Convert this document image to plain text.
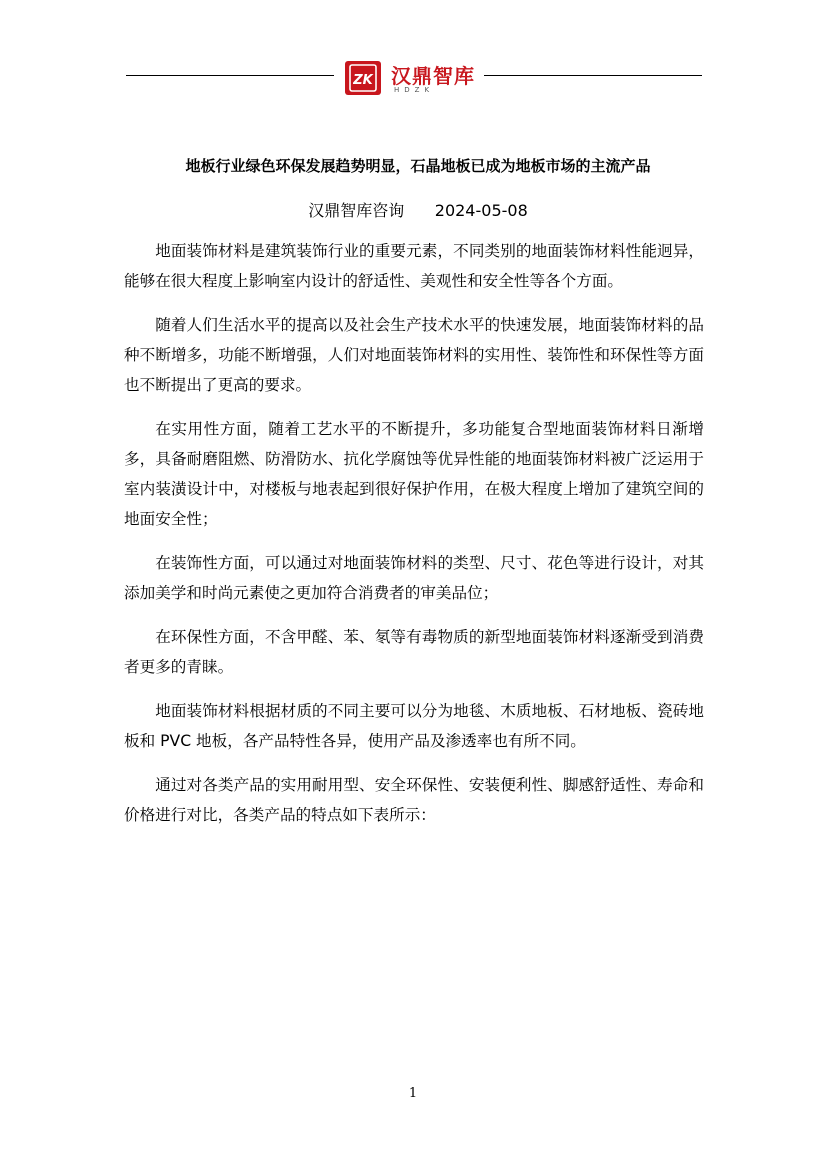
ZK 汉鼎智库
HDZK
地板行业绿色环保发展趋势明显，石晶地板已成为地板市场的主流产品
汉鼎智库咨询 2024-05-08

地面装饰材料是建筑装饰行业的重要元素，不同类别的地面装饰材料性能迥异，能够在很大程度上影响室内设计的舒适性、美观性和安全性等各个方面。

随着人们生活水平的提高以及社会生产技术水平的快速发展，地面装饰材料的品种不断增多，功能不断增强，人们对地面装饰材料的实用性、装饰性和环保性等方面也不断提出了更高的要求。

在实用性方面，随着工艺水平的不断提升，多功能复合型地面装饰材料日渐增多，具备耐磨阻燃、防滑防水、抗化学腐蚀等优异性能的地面装饰材料被广泛运用于室内装潢设计中，对楼板与地表起到很好保护作用，在极大程度上增加了建筑空间的地面安全性；

在装饰性方面，可以通过对地面装饰材料的类型、尺寸、花色等进行设计，对其添加美学和时尚元素使之更加符合消费者的审美品位；

在环保性方面，不含甲醛、苯、氡等有毒物质的新型地面装饰材料逐渐受到消费者更多的青睐。

地面装饰材料根据材质的不同主要可以分为地毯、木质地板、石材地板、瓷砖地板和 PVC 地板，各产品特性各异，使用产品及渗透率也有所不同。

通过对各类产品的实用耐用型、安全环保性、安装便利性、脚感舒适性、寿命和价格进行对比，各类产品的特点如下表所示：

1
